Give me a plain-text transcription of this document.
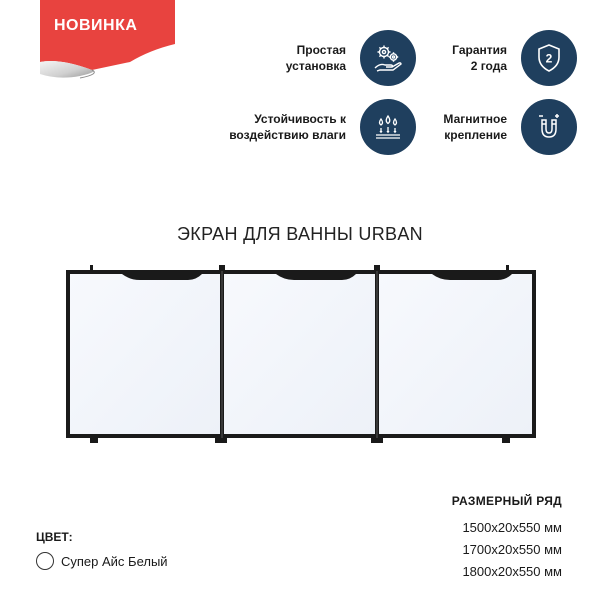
НОВИНКА
Простая
установка
Гарантия
2 года
2
Устойчивость к
воздействию влаги
Магнитное
крепление
ЭКРАН ДЛЯ ВАННЫ URBAN
РАЗМЕРНЫЙ РЯД
1500x20x550 мм
1700x20x550 мм
1800x20x550 мм
ЦВЕТ:
Супер Айс Белый
